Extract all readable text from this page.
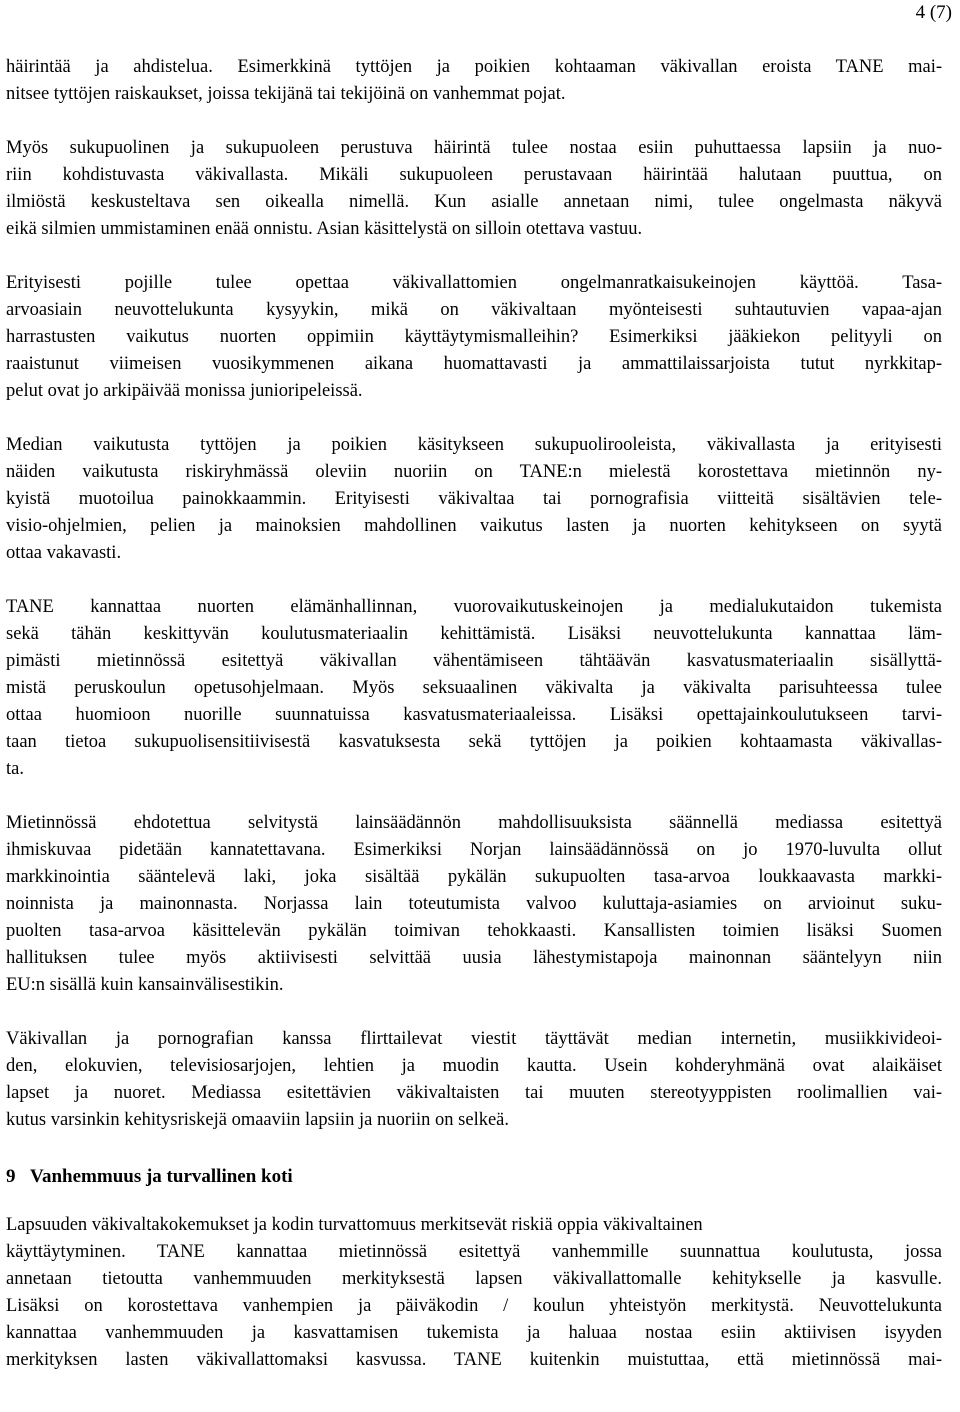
4 (7)
häirintää ja ahdistelua. Esimerkkinä tyttöjen ja poikien kohtaaman väkivallan eroista TANE mai-
nitsee tyttöjen raiskaukset, joissa tekijänä tai tekijöinä on vanhemmat pojat.
Myös sukupuolinen ja sukupuoleen perustuva häirintä tulee nostaa esiin puhuttaessa lapsiin ja nuo-
riin kohdistuvasta väkivallasta. Mikäli sukupuoleen perustavaan häirintää halutaan puuttua, on
ilmiöstä keskusteltava sen oikealla nimellä. Kun asialle annetaan nimi, tulee ongelmasta näkyvä
eikä silmien ummistaminen enää onnistu. Asian käsittelystä on silloin otettava vastuu.
Erityisesti pojille tulee opettaa väkivallattomien ongelmanratkaisukeinojen käyttöä. Tasa-
arvoasiain neuvottelukunta kysyykin, mikä on väkivaltaan myönteisesti suhtautuvien vapaa-ajan
harrastusten vaikutus nuorten oppimiin käyttäytymismalleihin? Esimerkiksi jääkiekon pelityyli on
raaistunut viimeisen vuosikymmenen aikana huomattavasti ja ammattilaissarjoista tutut nyrkkitap-
pelut ovat jo arkipäivää monissa junioripeleissä.
Median vaikutusta tyttöjen ja poikien käsitykseen sukupuolirooleista, väkivallasta ja erityisesti
näiden vaikutusta riskiryhmässä oleviin nuoriin on TANE:n mielestä korostettava mietinnön ny-
kyistä muotoilua painokkaammin. Erityisesti väkivaltaa tai pornografisia viitteitä sisältävien tele-
visio-ohjelmien, pelien ja mainoksien mahdollinen vaikutus lasten ja nuorten kehitykseen on syytä
ottaa vakavasti.
TANE kannattaa nuorten elämänhallinnan, vuorovaikutuskeinojen ja medialukutaidon tukemista
sekä tähän keskittyvän koulutusmateriaalin kehittämistä. Lisäksi neuvottelukunta kannattaa läm-
pimästi mietinnössä esitettyä väkivallan vähentämiseen tähtäävän kasvatusmateriaalin sisällyttä-
mistä peruskoulun opetusohjelmaan. Myös seksuaalinen väkivalta ja väkivalta parisuhteessa tulee
ottaa huomioon nuorille suunnatuissa kasvatusmateriaaleissa. Lisäksi opettajainkoulutukseen tarvi-
taan tietoa sukupuolisensitiivisestä kasvatuksesta sekä tyttöjen ja poikien kohtaamasta väkivallas-
ta.
Mietinnössä ehdotettua selvitystä lainsäädännön mahdollisuuksista säännellä mediassa esitettyä
ihmiskuvaa pidetään kannatettavana. Esimerkiksi Norjan lainsäädännössä on jo 1970-luvulta ollut
markkinointia sääntelevä laki, joka sisältää pykälän sukupuolten tasa-arvoa loukkaavasta markki-
noinnista ja mainonnasta. Norjassa lain toteutumista valvoo kuluttaja-asiamies on arvioinut suku-
puolten tasa-arvoa käsittelevän pykälän toimivan tehokkaasti. Kansallisten toimien lisäksi Suomen
hallituksen tulee myös aktiivisesti selvittää uusia lähestymistapoja mainonnan sääntelyyn niin
EU:n sisällä kuin kansainvälisestikin.
Väkivallan ja pornografian kanssa flirttailevat viestit täyttävät median internetin, musiikkivideoi-
den, elokuvien, televisiosarjojen, lehtien ja muodin kautta. Usein kohderyhmänä ovat alaikäiset
lapset ja nuoret. Mediassa esitettävien väkivaltaisten tai muuten stereotyyppisten roolimallien vai-
kutus varsinkin kehitysriskejä omaaviin lapsiin ja nuoriin on selkeä.
9 Vanhemmuus ja turvallinen koti
Lapsuuden väkivaltakokemukset ja kodin turvattomuus merkitsevät riskiä oppia väkivaltainen
käyttäytyminen. TANE kannattaa mietinnössä esitettyä vanhemmille suunnattua koulutusta, jossa
annetaan tietoutta vanhemmuuden merkityksestä lapsen väkivallattomalle kehitykselle ja kasvulle.
Lisäksi on korostettava vanhempien ja päiväkodin / koulun yhteistyön merkitystä. Neuvottelukunta
kannattaa vanhemmuuden ja kasvattamisen tukemista ja haluaa nostaa esiin aktiivisen isyyden
merkityksen lasten väkivallattomaksi kasvussa. TANE kuitenkin muistuttaa, että mietinnössä mai-
